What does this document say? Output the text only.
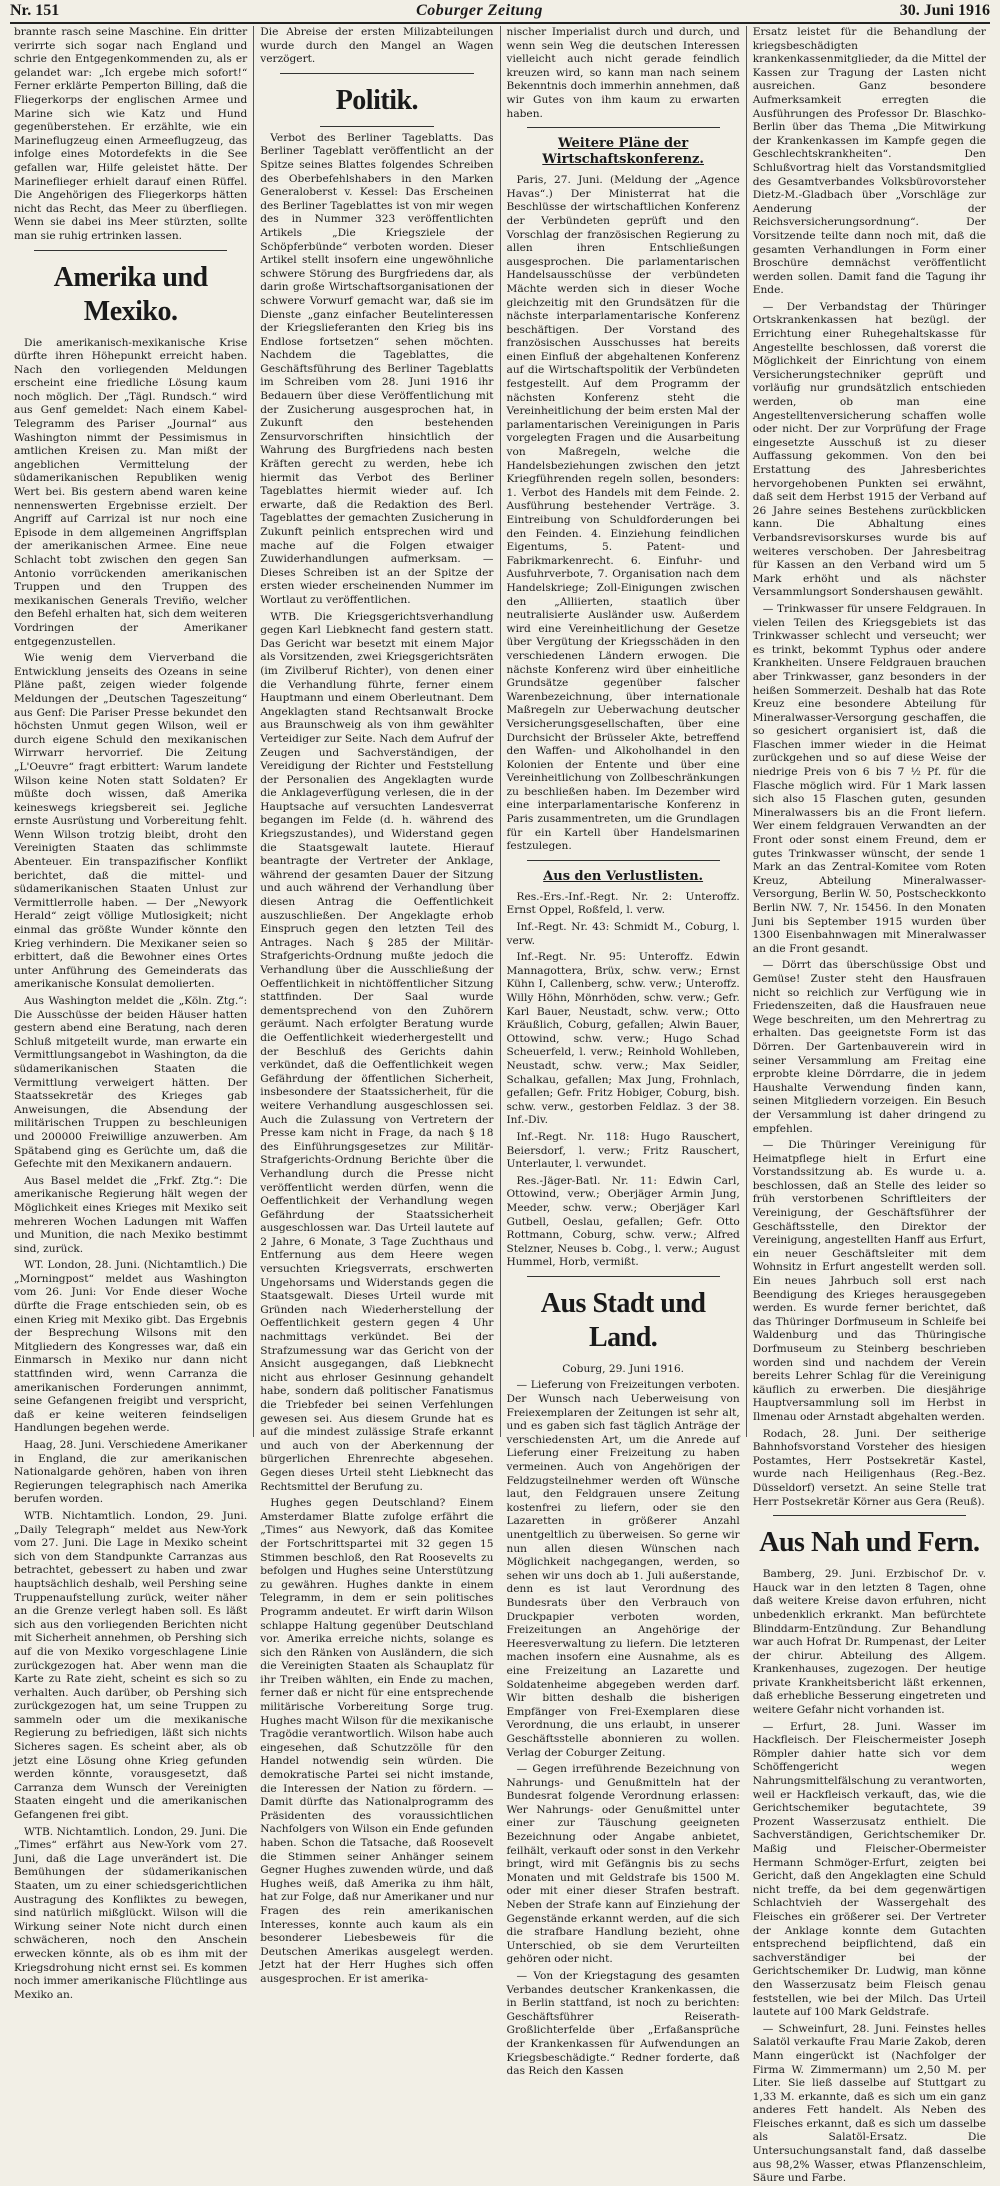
Nr. 151	Coburger Zeitung	30. Juni 1916

brannte rasch seine Maschine. Ein dritter verirrte sich sogar nach England und schrie den Entgegenkommenden zu, als er gelandet war: „Ich ergebe mich sofort!“ Ferner erklärte Pemperton Billing, daß die Fliegerkorps der englischen Armee und Marine sich wie Katz und Hund gegenüberstehen. Er erzählte, wie ein Marineflugzeug einen Armeeflugzeug, das infolge eines Motordefekts in die See gefallen war, Hilfe geleistet hätte. Der Marineflieger erhielt darauf einen Rüffel. Die Angehörigen des Fliegerkorps hätten nicht das Recht, das Meer zu überfliegen. Wenn sie dabei ins Meer stürzten, sollte man sie ruhig ertrinken lassen.

Amerika und Mexiko.

Die amerikanisch-mexikanische Krise dürfte ihren Höhepunkt erreicht haben. Nach den vorliegenden Meldungen erscheint eine friedliche Lösung kaum noch möglich. Der „Tägl. Rundsch.“ wird aus Genf gemeldet: Nach einem Kabel-Telegramm des Pariser „Journal“ aus Washington nimmt der Pessimismus in amtlichen Kreisen zu. Man mißt der angeblichen Vermittelung der südamerikanischen Republiken wenig Wert bei. Bis gestern abend waren keine nennenswerten Ergebnisse erzielt. Der Angriff auf Carrizal ist nur noch eine Episode in dem allgemeinen Angriffsplan der amerikanischen Armee. Eine neue Schlacht tobt zwischen den gegen San Antonio vorrückenden amerikanischen Truppen und den Truppen des mexikanischen Generals Treviño, welcher den Befehl erhalten hat, sich dem weiteren Vordringen der Amerikaner entgegenzustellen.

Wie wenig dem Vierverband die Entwicklung jenseits des Ozeans in seine Pläne paßt, zeigen wieder folgende Meldungen der „Deutschen Tageszeitung“ aus Genf: Die Pariser Presse bekundet den höchsten Unmut gegen Wilson, weil er durch eigene Schuld den mexikanischen Wirrwarr hervorrief. Die Zeitung „L'Oeuvre“ fragt erbittert: Warum landete Wilson keine Noten statt Soldaten? Er müßte doch wissen, daß Amerika keineswegs kriegsbereit sei. Jegliche ernste Ausrüstung und Vorbereitung fehlt. Wenn Wilson trotzig bleibt, droht den Vereinigten Staaten das schlimmste Abenteuer. Ein transpazifischer Konflikt berichtet, daß die mittel- und südamerikanischen Staaten Unlust zur Vermittlerrolle haben. — Der „Newyork Herald“ zeigt völlige Mutlosigkeit; nicht einmal das größte Wunder könnte den Krieg verhindern. Die Mexikaner seien so erbittert, daß die Bewohner eines Ortes unter Anführung des Gemeinderats das amerikanische Konsulat demolierten.

Aus Washington meldet die „Köln. Ztg.“: Die Ausschüsse der beiden Häuser hatten gestern abend eine Beratung, nach deren Schluß mitgeteilt wurde, man erwarte ein Vermittlungsangebot in Washington, da die südamerikanischen Staaten die Vermittlung verweigert hätten. Der Staatssekretär des Krieges gab Anweisungen, die Absendung der militärischen Truppen zu beschleunigen und 200000 Freiwillige anzuwerben. Am Spätabend ging es Gerüchte um, daß die Gefechte mit den Mexikanern andauern.

Aus Basel meldet die „Frkf. Ztg.“: Die amerikanische Regierung hält wegen der Möglichkeit eines Krieges mit Mexiko seit mehreren Wochen Ladungen mit Waffen und Munition, die nach Mexiko bestimmt sind, zurück.

WT. London, 28. Juni. (Nichtamtlich.) Die „Morningpost“ meldet aus Washington vom 26. Juni: Vor Ende dieser Woche dürfte die Frage entschieden sein, ob es einen Krieg mit Mexiko gibt. Das Ergebnis der Besprechung Wilsons mit den Mitgliedern des Kongresses war, daß ein Einmarsch in Mexiko nur dann nicht stattfinden wird, wenn Carranza die amerikanischen Forderungen annimmt, seine Gefangenen freigibt und verspricht, daß er keine weiteren feindseligen Handlungen begehen werde.

Haag, 28. Juni. Verschiedene Amerikaner in England, die zur amerikanischen Nationalgarde gehören, haben von ihren Regierungen telegraphisch nach Amerika berufen worden.

WTB. Nichtamtlich. London, 29. Juni. „Daily Telegraph“ meldet aus New-York vom 27. Juni. Die Lage in Mexiko scheint sich von dem Standpunkte Carranzas aus betrachtet, gebessert zu haben und zwar hauptsächlich deshalb, weil Pershing seine Truppenaufstellung zurück, weiter näher an die Grenze verlegt haben soll. Es läßt sich aus den vorliegenden Berichten nicht mit Sicherheit annehmen, ob Pershing sich auf die von Mexiko vorgeschlagene Linie zurückgezogen hat. Aber wenn man die Karte zu Rate zieht, scheint es sich so zu verhalten. Auch darüber, ob Pershing sich zurückgezogen hat, um seine Truppen zu sammeln oder um die mexikanische Regierung zu befriedigen, läßt sich nichts Sicheres sagen. Es scheint aber, als ob jetzt eine Lösung ohne Krieg gefunden werden könnte, vorausgesetzt, daß Carranza dem Wunsch der Vereinigten Staaten eingeht und die amerikanischen Gefangenen frei gibt.

WTB. Nichtamtlich. London, 29. Juni. Die „Times“ erfährt aus New-York vom 27. Juni, daß die Lage unverändert ist. Die Bemühungen der südamerikanischen Staaten, um zu einer schiedsgerichtlichen Austragung des Konfliktes zu bewegen, sind natürlich mißglückt. Wilson will die Wirkung seiner Note nicht durch einen schwächeren, noch den Anschein erwecken könnte, als ob es ihm mit der Kriegsdrohung nicht ernst sei. Es kommen noch immer amerikanische Flüchtlinge aus Mexiko an.

Die Abreise der ersten Milizabteilungen wurde durch den Mangel an Wagen verzögert.

Politik.

Verbot des Berliner Tageblatts. Das Berliner Tageblatt veröffentlicht an der Spitze seines Blattes folgendes Schreiben des Oberbefehlshabers in den Marken Generaloberst v. Kessel: Das Erscheinen des Berliner Tageblattes ist von mir wegen des in Nummer 323 veröffentlichten Artikels „Die Kriegsziele der Schöpferbünde“ verboten worden. Dieser Artikel stellt insofern eine ungewöhnliche schwere Störung des Burgfriedens dar, als darin große Wirtschaftsorganisationen der schwere Vorwurf gemacht war, daß sie im Dienste „ganz einfacher Beutelinteressen der Kriegslieferanten den Krieg bis ins Endlose fortsetzen“ sehen möchten. Nachdem die Tageblattes, die Geschäftsführung des Berliner Tageblatts im Schreiben vom 28. Juni 1916 ihr Bedauern über diese Veröffentlichung mit der Zusicherung ausgesprochen hat, in Zukunft den bestehenden Zensurvorschriften hinsichtlich der Wahrung des Burgfriedens nach besten Kräften gerecht zu werden, hebe ich hiermit das Verbot des Berliner Tageblattes hiermit wieder auf. Ich erwarte, daß die Redaktion des Berl. Tageblattes der gemachten Zusicherung in Zukunft peinlich entsprechen wird und mache auf die Folgen etwaiger Zuwiderhandlungen aufmerksam. — Dieses Schreiben ist an der Spitze der ersten wieder erscheinenden Nummer im Wortlaut zu veröffentlichen.

WTB. Die Kriegsgerichtsverhandlung gegen Karl Liebknecht fand gestern statt. Das Gericht war besetzt mit einem Major als Vorsitzenden, zwei Kriegsgerichtsräten (im Zivilberuf Richter), von denen einer die Verhandlung führte, ferner einem Hauptmann und einem Oberleutnant. Dem Angeklagten stand Rechtsanwalt Brocke aus Braunschweig als von ihm gewählter Verteidiger zur Seite. Nach dem Aufruf der Zeugen und Sachverständigen, der Vereidigung der Richter und Feststellung der Personalien des Angeklagten wurde die Anklageverfügung verlesen, die in der Hauptsache auf versuchten Landesverrat begangen im Felde (d. h. während des Kriegszustandes), und Widerstand gegen die Staatsgewalt lautete. Hierauf beantragte der Vertreter der Anklage, während der gesamten Dauer der Sitzung und auch während der Verhandlung über diesen Antrag die Oeffentlichkeit auszuschließen. Der Angeklagte erhob Einspruch gegen den letzten Teil des Antrages. Nach § 285 der Militär-Strafgerichts-Ordnung mußte jedoch die Verhandlung über die Ausschließung der Oeffentlichkeit in nichtöffentlicher Sitzung stattfinden. Der Saal wurde dementsprechend von den Zuhörern geräumt. Nach erfolgter Beratung wurde die Oeffentlichkeit wiederhergestellt und der Beschluß des Gerichts dahin verkündet, daß die Oeffentlichkeit wegen Gefährdung der öffentlichen Sicherheit, insbesondere der Staatssicherheit, für die weitere Verhandlung ausgeschlossen sei. Auch die Zulassung von Vertretern der Presse kam nicht in Frage, da nach § 18 des Einführungsgesetzes zur Militär-Strafgerichts-Ordnung Berichte über die Verhandlung durch die Presse nicht veröffentlicht werden dürfen, wenn die Oeffentlichkeit der Verhandlung wegen Gefährdung der Staatssicherheit ausgeschlossen war. Das Urteil lautete auf 2 Jahre, 6 Monate, 3 Tage Zuchthaus und Entfernung aus dem Heere wegen versuchten Kriegsverrats, erschwerten Ungehorsams und Widerstands gegen die Staatsgewalt. Dieses Urteil wurde mit Gründen nach Wiederherstellung der Oeffentlichkeit gestern gegen 4 Uhr nachmittags verkündet. Bei der Strafzumessung war das Gericht von der Ansicht ausgegangen, daß Liebknecht nicht aus ehrloser Gesinnung gehandelt habe, sondern daß politischer Fanatismus die Triebfeder bei seinen Verfehlungen gewesen sei. Aus diesem Grunde hat es auf die mindest zulässige Strafe erkannt und auch von der Aberkennung der bürgerlichen Ehrenrechte abgesehen. Gegen dieses Urteil steht Liebknecht das Rechtsmittel der Berufung zu.

Hughes gegen Deutschland? Einem Amsterdamer Blatte zufolge erfährt die „Times“ aus Newyork, daß das Komitee der Fortschrittspartei mit 32 gegen 15 Stimmen beschloß, den Rat Roosevelts zu befolgen und Hughes seine Unterstützung zu gewähren. Hughes dankte in einem Telegramm, in dem er sein politisches Programm andeutet. Er wirft darin Wilson schlappe Haltung gegenüber Deutschland vor. Amerika erreiche nichts, solange es sich den Ränken von Ausländern, die sich die Vereinigten Staaten als Schauplatz für ihr Treiben wählten, ein Ende zu machen, ferner daß er nicht für eine entsprechende militärische Vorbereitung Sorge trug. Hughes macht Wilson für die mexikanische Tragödie verantwortlich. Wilson habe auch eingesehen, daß Schutzzölle für den Handel notwendig sein würden. Die demokratische Partei sei nicht imstande, die Interessen der Nation zu fördern. — Damit dürfte das Nationalprogramm des Präsidenten des voraussichtlichen Nachfolgers von Wilson ein Ende gefunden haben. Schon die Tatsache, daß Roosevelt die Stimmen seiner Anhänger seinem Gegner Hughes zuwenden würde, und daß Hughes weiß, daß Amerika zu ihm hält, hat zur Folge, daß nur Amerikaner und nur Fragen des rein amerikanischen Interesses, konnte auch kaum als ein besonderer Liebesbeweis für die Deutschen Amerikas ausgelegt werden. Jetzt hat der Herr Hughes sich offen ausgesprochen. Er ist amerika-

nischer Imperialist durch und durch, und wenn sein Weg die deutschen Interessen vielleicht auch nicht gerade feindlich kreuzen wird, so kann man nach seinem Bekenntnis doch immerhin annehmen, daß wir Gutes von ihm kaum zu erwarten haben.

Weitere Pläne der Wirtschaftskonferenz.

Paris, 27. Juni. (Meldung der „Agence Havas“.) Der Ministerrat hat die Beschlüsse der wirtschaftlichen Konferenz der Verbündeten geprüft und den Vorschlag der französischen Regierung zu allen ihren Entschließungen ausgesprochen. Die parlamentarischen Handelsausschüsse der verbündeten Mächte werden sich in dieser Woche gleichzeitig mit den Grundsätzen für die nächste interparlamentarische Konferenz beschäftigen. Der Vorstand des französischen Ausschusses hat bereits einen Einfluß der abgehaltenen Konferenz auf die Wirtschaftspolitik der Verbündeten festgestellt. Auf dem Programm der nächsten Konferenz steht die Vereinheitlichung der beim ersten Mal der parlamentarischen Vereinigungen in Paris vorgelegten Fragen und die Ausarbeitung von Maßregeln, welche die Handelsbeziehungen zwischen den jetzt Kriegführenden regeln sollen, besonders: 1. Verbot des Handels mit dem Feinde. 2. Ausführung bestehender Verträge. 3. Eintreibung von Schuldforderungen bei den Feinden. 4. Einziehung feindlichen Eigentums, 5. Patent- und Fabrikmarkenrecht. 6. Einfuhr- und Ausfuhrverbote, 7. Organisation nach dem Handelskriege; Zoll-Einigungen zwischen den „Alliierten, staatlich über neutralisierte Ausländer usw. Außerdem wird eine Vereinheitlichung der Gesetze über Vergütung der Kriegsschäden in den verschiedenen Ländern erwogen. Die nächste Konferenz wird über einheitliche Grundsätze gegenüber falscher Warenbezeichnung, über internationale Maßregeln zur Ueberwachung deutscher Versicherungsgesellschaften, über eine Durchsicht der Brüsseler Akte, betreffend den Waffen- und Alkoholhandel in den Kolonien der Entente und über eine Vereinheitlichung von Zollbeschränkungen zu beschließen haben. Im Dezember wird eine interparlamentarische Konferenz in Paris zusammentreten, um die Grundlagen für ein Kartell über Handelsmarinen festzulegen.

Aus den Verlustlisten.

Res.-Ers.-Inf.-Regt. Nr. 2: Unteroffz. Ernst Oppel, Roßfeld, l. verw.

Inf.-Regt. Nr. 43: Schmidt M., Coburg, l. verw.

Inf.-Regt. Nr. 95: Unteroffz. Edwin Mannagottera, Brüx, schw. verw.; Ernst Kühn I, Callenberg, schw. verw.; Unteroffz. Willy Höhn, Mönrhöden, schw. verw.; Gefr. Karl Bauer, Neustadt, schw. verw.; Otto Kräußlich, Coburg, gefallen; Alwin Bauer, Ottowind, schw. verw.; Hugo Schad Scheuerfeld, l. verw.; Reinhold Wohlleben, Neustadt, schw. verw.; Max Seidler, Schalkau, gefallen; Max Jung, Frohnlach, gefallen; Gefr. Fritz Hobiger, Coburg, bish. schw. verw., gestorben Feldlaz. 3 der 38. Inf.-Div.

Inf.-Regt. Nr. 118: Hugo Rauschert, Beiersdorf, l. verw.; Fritz Rauschert, Unterlauter, l. verwundet.

Res.-Jäger-Batl. Nr. 11: Edwin Carl, Ottowind, verw.; Oberjäger Armin Jung, Meeder, schw. verw.; Oberjäger Karl Gutbell, Oeslau, gefallen; Gefr. Otto Rottmann, Coburg, schw. verw.; Alfred Stelzner, Neuses b. Cobg., l. verw.; August Hummel, Horb, vermißt.

Aus Stadt und Land.

Coburg, 29. Juni 1916.

— Lieferung von Freizeitungen verboten. Der Wunsch nach Ueberweisung von Freiexemplaren der Zeitungen ist sehr alt, und es gaben sich fast täglich Anträge der verschiedensten Art, um die Anrede auf Lieferung einer Freizeitung zu haben vermeinen. Auch von Angehörigen der Feldzugsteilnehmer werden oft Wünsche laut, den Feldgrauen unsere Zeitung kostenfrei zu liefern, oder sie den Lazaretten in größerer Anzahl unentgeltlich zu überweisen. So gerne wir nun allen diesen Wünschen nach Möglichkeit nachgegangen, werden, so sehen wir uns doch ab 1. Juli außerstande, denn es ist laut Verordnung des Bundesrats über den Verbrauch von Druckpapier verboten worden, Freizeitungen an Angehörige der Heeresverwaltung zu liefern. Die letzteren machen insofern eine Ausnahme, als es eine Freizeitung an Lazarette und Soldatenheime abgegeben werden darf. Wir bitten deshalb die bisherigen Empfänger von Frei-Exemplaren diese Verordnung, die uns erlaubt, in unserer Geschäftsstelle abonnieren zu wollen. Verlag der Coburger Zeitung.

— Gegen irreführende Bezeichnung von Nahrungs- und Genußmitteln hat der Bundesrat folgende Verordnung erlassen: Wer Nahrungs- oder Genußmittel unter einer zur Täuschung geeigneten Bezeichnung oder Angabe anbietet, feilhält, verkauft oder sonst in den Verkehr bringt, wird mit Gefängnis bis zu sechs Monaten und mit Geldstrafe bis 1500 M. oder mit einer dieser Strafen bestraft. Neben der Strafe kann auf Einziehung der Gegenstände erkannt werden, auf die sich die strafbare Handlung bezieht, ohne Unterschied, ob sie dem Verurteilten gehören oder nicht.

— Von der Kriegstagung des gesamten Verbandes deutscher Krankenkassen, die in Berlin stattfand, ist noch zu berichten: Geschäftsführer Reiserath-Großlichterfelde über „Erfaßansprüche der Krankenkassen für Aufwendungen an Kriegsbeschädigte.“ Redner forderte, daß das Reich den Kassen

Ersatz leistet für die Behandlung der kriegsbeschädigten krankenkassenmitglieder, da die Mittel der Kassen zur Tragung der Lasten nicht ausreichen. Ganz besondere Aufmerksamkeit erregten die Ausführungen des Professor Dr. Blaschko-Berlin über das Thema „Die Mitwirkung der Krankenkassen im Kampfe gegen die Geschlechtskrankheiten“. Den Schlußvortrag hielt das Vorstandsmitglied des Gesamtverbandes Volksbürovorsteher Dietz-M.-Gladbach über „Vorschläge zur Aenderung der Reichsversicherungsordnung“. Der Vorsitzende teilte dann noch mit, daß die gesamten Verhandlungen in Form einer Broschüre demnächst veröffentlicht werden sollen. Damit fand die Tagung ihr Ende.

— Der Verbandstag der Thüringer Ortskrankenkassen hat bezügl. der Errichtung einer Ruhegehaltskasse für Angestellte beschlossen, daß vorerst die Möglichkeit der Einrichtung von einem Versicherungstechniker geprüft und vorläufig nur grundsätzlich entschieden werden, ob man eine Angestelltenversicherung schaffen wolle oder nicht. Der zur Vorprüfung der Frage eingesetzte Ausschuß ist zu dieser Auffassung gekommen. Von den bei Erstattung des Jahresberichtes hervorgehobenen Punkten sei erwähnt, daß seit dem Herbst 1915 der Verband auf 26 Jahre seines Bestehens zurückblicken kann. Die Abhaltung eines Verbandsrevisorskurses wurde bis auf weiteres verschoben. Der Jahresbeitrag für Kassen an den Verband wird um 5 Mark erhöht und als nächster Versammlungsort Sondershausen gewählt.

— Trinkwasser für unsere Feldgrauen. In vielen Teilen des Kriegsgebiets ist das Trinkwasser schlecht und verseucht; wer es trinkt, bekommt Typhus oder andere Krankheiten. Unsere Feldgrauen brauchen aber Trinkwasser, ganz besonders in der heißen Sommerzeit. Deshalb hat das Rote Kreuz eine besondere Abteilung für Mineralwasser-Versorgung geschaffen, die so gesichert organisiert ist, daß die Flaschen immer wieder in die Heimat zurückgehen und so auf diese Weise der niedrige Preis von 6 bis 7 ½ Pf. für die Flasche möglich wird. Für 1 Mark lassen sich also 15 Flaschen guten, gesunden Mineralwassers bis an die Front liefern. Wer einem feldgrauen Verwandten an der Front oder sonst einem Freund, dem er gutes Trinkwasser wünscht, der sende 1 Mark an das Zentral-Komitee vom Roten Kreuz, Abteilung Mineralwasser-Versorgung, Berlin W. 50, Postscheckkonto Berlin NW. 7, Nr. 15456. In den Monaten Juni bis September 1915 wurden über 1300 Eisenbahnwagen mit Mineralwasser an die Front gesandt.

— Dörrt das überschüssige Obst und Gemüse! Zuster steht den Hausfrauen nicht so reichlich zur Verfügung wie in Friedenszeiten, daß die Hausfrauen neue Wege beschreiten, um den Mehrertrag zu erhalten. Das geeignetste Form ist das Dörren. Der Gartenbauverein wird in seiner Versammlung am Freitag eine erprobte kleine Dörrdarre, die in jedem Haushalte Verwendung finden kann, seinen Mitgliedern vorzeigen. Ein Besuch der Versammlung ist daher dringend zu empfehlen.

— Die Thüringer Vereinigung für Heimatpflege hielt in Erfurt eine Vorstandssitzung ab. Es wurde u. a. beschlossen, daß an Stelle des leider so früh verstorbenen Schriftleiters der Vereinigung, der Geschäftsführer der Geschäftsstelle, den Direktor der Vereinigung, angestellten Hanff aus Erfurt, ein neuer Geschäftsleiter mit dem Wohnsitz in Erfurt angestellt werden soll. Ein neues Jahrbuch soll erst nach Beendigung des Krieges herausgegeben werden. Es wurde ferner berichtet, daß das Thüringer Dorfmuseum in Schleife bei Waldenburg und das Thüringische Dorfmuseum zu Steinberg beschrieben worden sind und nachdem der Verein bereits Lehrer Schlag für die Vereinigung käuflich zu erwerben. Die diesjährige Hauptversammlung soll im Herbst in Ilmenau oder Arnstadt abgehalten werden.

Rodach, 28. Juni. Der seitherige Bahnhofsvorstand Vorsteher des hiesigen Postamtes, Herr Postsekretär Kastel, wurde nach Heiligenhaus (Reg.-Bez. Düsseldorf) versetzt. An seine Stelle trat Herr Postsekretär Körner aus Gera (Reuß).

Aus Nah und Fern.

Bamberg, 29. Juni. Erzbischof Dr. v. Hauck war in den letzten 8 Tagen, ohne daß weitere Kreise davon erfuhren, nicht unbedenklich erkrankt. Man befürchtete Blinddarm-Entzündung. Zur Behandlung war auch Hofrat Dr. Rumpenast, der Leiter der chirur. Abteilung des Allgem. Krankenhauses, zugezogen. Der heutige private Krankheitsbericht läßt erkennen, daß erhebliche Besserung eingetreten und weitere Gefahr nicht vorhanden ist.

— Erfurt, 28. Juni. Wasser im Hackfleisch. Der Fleischermeister Joseph Römpler dahier hatte sich vor dem Schöffengericht wegen Nahrungsmittelfälschung zu verantworten, weil er Hackfleisch verkauft, das, wie die Gerichtschemiker begutachtete, 39 Prozent Wasserzusatz enthielt. Die Sachverständigen, Gerichtschemiker Dr. Maßig und Fleischer-Obermeister Hermann Schmöger-Erfurt, zeigten bei Gericht, daß den Angeklagten eine Schuld nicht treffe, da bei dem gegenwärtigen Schlachtvieh der Wassergehalt des Fleisches ein größerer sei. Der Vertreter der Anklage konnte dem Gutachten entsprechend beipflichtend, daß ein sachverständiger bei der Gerichtschemiker Dr. Ludwig, man könne den Wasserzusatz beim Fleisch genau feststellen, wie bei der Milch. Das Urteil lautete auf 100 Mark Geldstrafe.

— Schweinfurt, 28. Juni. Feinstes helles Salatöl verkaufte Frau Marie Zakob, deren Mann eingerückt ist (Nachfolger der Firma W. Zimmermann) um 2,50 M. per Liter. Sie ließ dasselbe auf Stuttgart zu 1,33 M. erkannte, daß es sich um ein ganz anderes Fett handelt. Als Neben des Fleisches erkannt, daß es sich um dasselbe als Salatöl-Ersatz. Die Untersuchungsanstalt fand, daß dasselbe aus 98,2% Wasser, etwas Pflanzenschleim, Säure und Farbe.
